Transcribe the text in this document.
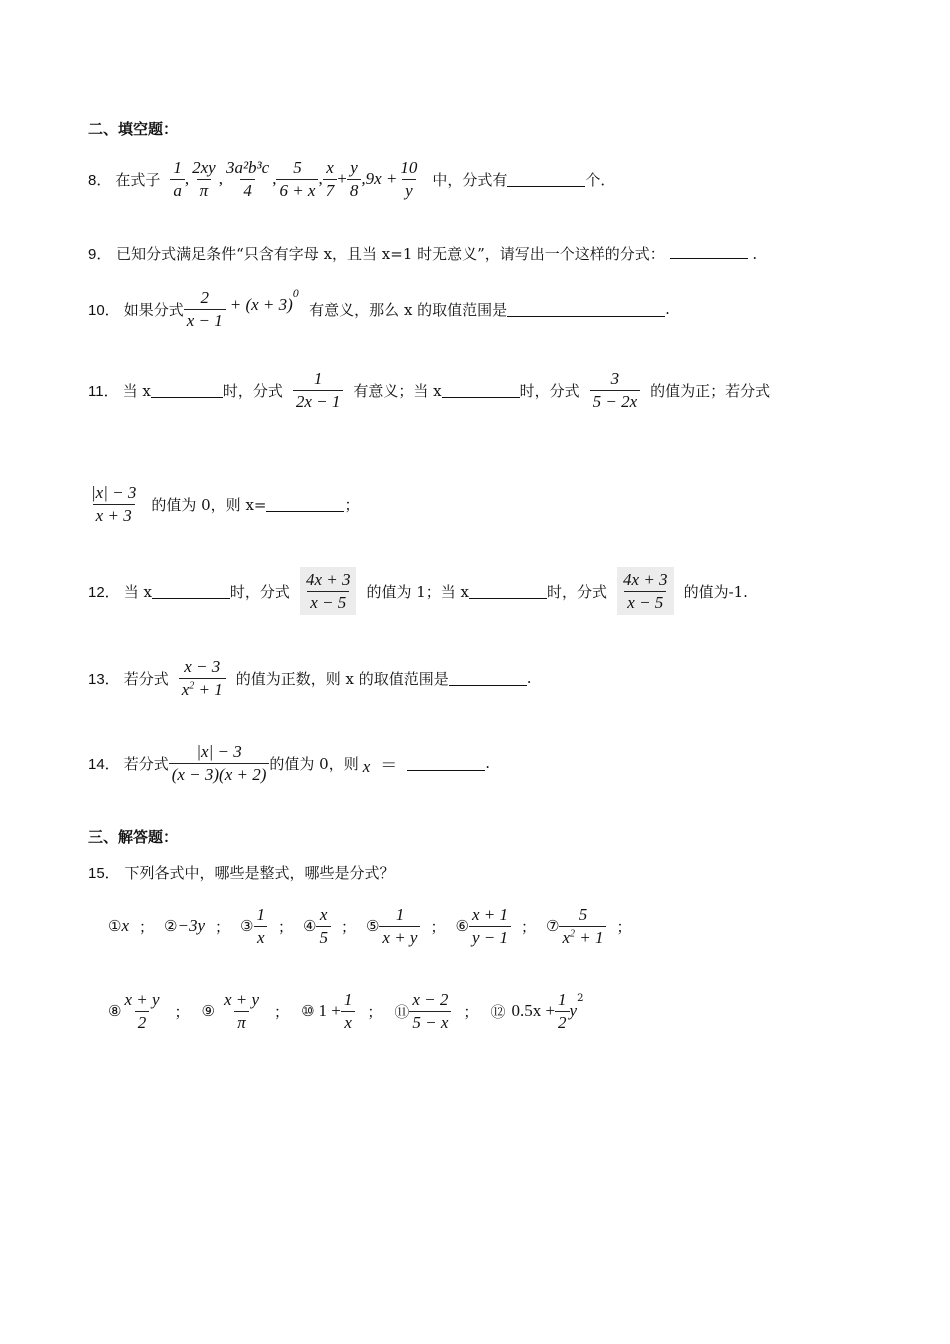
二、填空题：
8． 在式子 $\frac{1}{a}$ , $\frac{2xy}{\pi}$ , $\frac{\text{3a²b³c}}{4}$ , $\frac{5}{6 + x}$ , $\frac{x}{7} + \frac{y}{8} ,9x + \frac{10}{y}$ 中，分式有	个．
9． 已知分式满足条件“只含有字母 x，且当 x=1 时无意义”，请写出一个这样的分式：	.
10． 如果分式 $\frac{2}{x - 1} + (x + 3)$
0
有意义，那么 x 的取值范围是	.
11． 当 x	时，分式 $\frac{1}{2x - 1}$ 有意义；当 x	时，分式 $\frac{3}{5 - 2x}$ 的值为正；若分式
$\frac{|x| - 3}{x + 3}$ 的值为 0，则 x=	；
12． 当 x	时，分式 $\frac{4x + 3}{x - 5}$ 的值为 1；当 x	时，分式 $\frac{4x + 3}{x - 5}$ 的值为-1.
13． 若分式 $\frac{x - 3}{x^2 + 1}$ 的值为正数，则 x 的取值范围是	.
14． 若分式 $\frac{|x| - 3}{(x - 3)(x + 2)}$ 的值为 0，则 x ＝	.
三、解答题：
15． 下列各式中，哪些是整式，哪些是分式？
① x ； ② −3y ； ③ $\frac{1}{x}$ ； ④ $\frac{x}{5}$ ； ⑤ $\frac{1}{x + y}$ ； ⑥ $\frac{x + 1}{y - 1}$ ； ⑦ $\frac{5}{x^2 + 1}$ ；
⑧ $\frac{x + y}{2}$ ； ⑨ $\frac{x + y}{\pi}$ ； ⑩ $1 + \frac{1}{x}$ ； ⑪ $\frac{x - 2}{5 - x}$ ； ⑫ $0.5x + \frac{1}{2}$ y
2
